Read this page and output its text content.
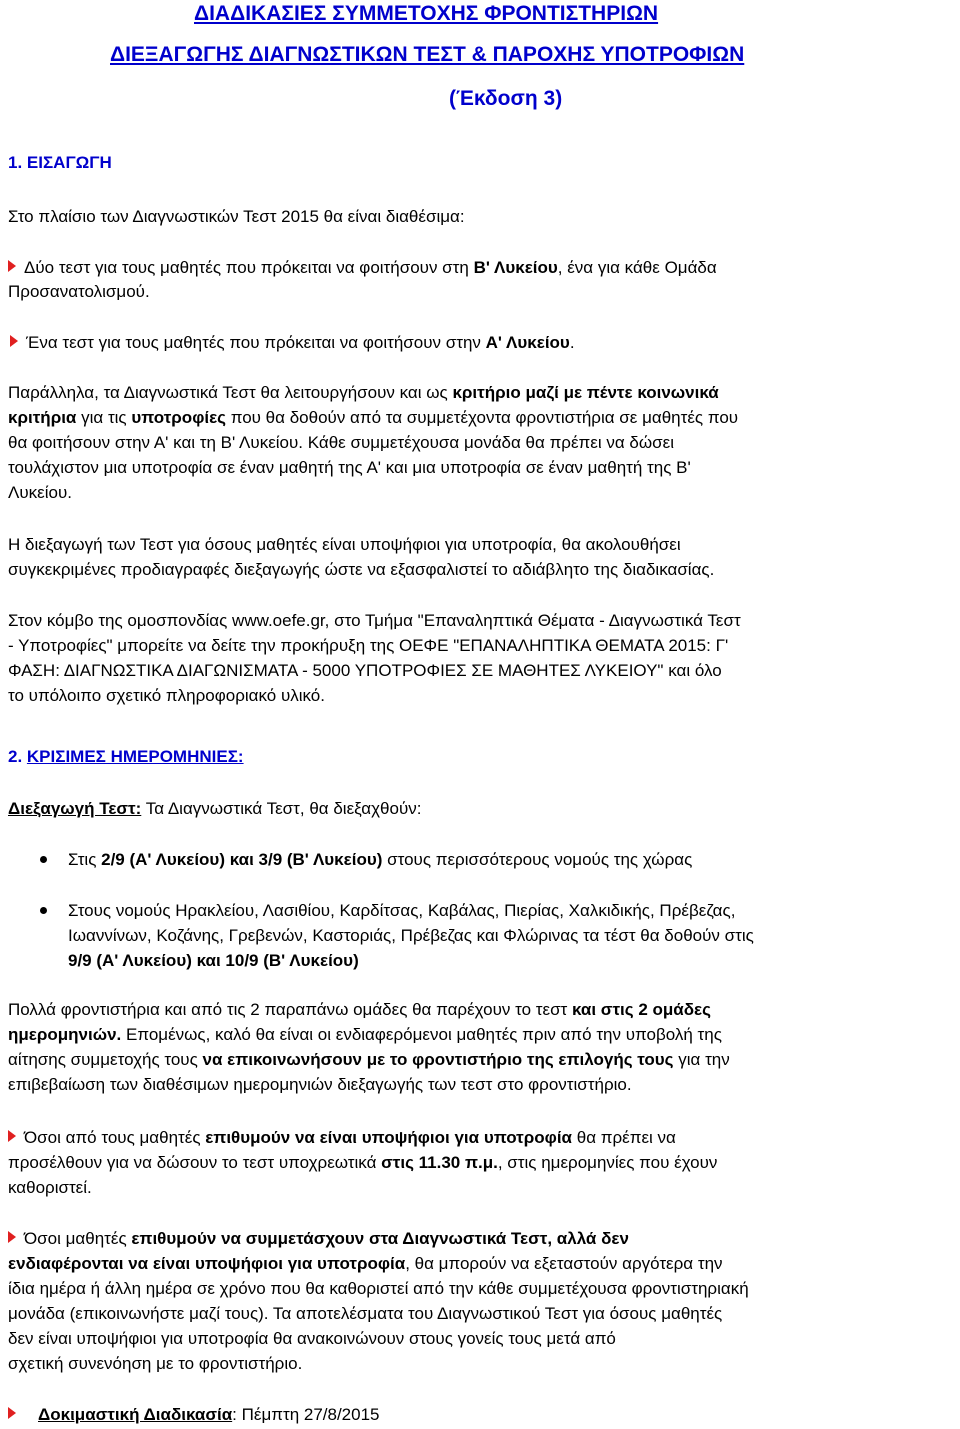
ΔΙΑΔΙΚΑΣΙΕΣ ΣΥΜΜΕΤΟΧΗΣ ΦΡΟΝΤΙΣΤΗΡΙΩΝ
ΔΙΕΞΑΓΩΓΗΣ ΔΙΑΓΝΩΣΤΙΚΩΝ ΤΕΣΤ & ΠΑΡΟΧΗΣ ΥΠΟΤΡΟΦΙΩΝ
(Έκδοση 3)
1. ΕΙΣΑΓΩΓΗ
Στο πλαίσιο των Διαγνωστικών Τεστ 2015 θα είναι διαθέσιμα:
Δύο τεστ για τους μαθητές που πρόκειται να φοιτήσουν στη Β' Λυκείου, ένα για κάθε Ομάδα
Προσανατολισμού.
Ένα τεστ για τους μαθητές που πρόκειται να φοιτήσουν στην Α' Λυκείου.
Παράλληλα, τα Διαγνωστικά Τεστ θα λειτουργήσουν και ως κριτήριο μαζί με πέντε κοινωνικά
κριτήρια για τις υποτροφίες που θα δοθούν από τα συμμετέχοντα φροντιστήρια σε μαθητές που
θα φοιτήσουν στην Α' και τη Β' Λυκείου. Κάθε συμμετέχουσα μονάδα θα πρέπει να δώσει
τουλάχιστον μια υποτροφία σε έναν μαθητή της Α' και μια υποτροφία σε έναν μαθητή της Β'
Λυκείου.
Η διεξαγωγή των Τεστ για όσους μαθητές είναι υποψήφιοι για υποτροφία, θα ακολουθήσει
συγκεκριμένες προδιαγραφές διεξαγωγής ώστε να εξασφαλιστεί το αδιάβλητο της διαδικασίας.
Στον κόμβο της ομοσπονδίας www.oefe.gr, στο Τμήμα "Επαναληπτικά Θέματα - Διαγνωστικά Τεστ
- Υποτροφίες" μπορείτε να δείτε την προκήρυξη της ΟΕΦΕ "ΕΠΑΝΑΛΗΠΤΙΚΑ ΘΕΜΑΤΑ 2015: Γ'
ΦΑΣΗ: ΔΙΑΓΝΩΣΤΙΚΑ ΔΙΑΓΩΝΙΣΜΑΤΑ - 5000 ΥΠΟΤΡΟΦΙΕΣ ΣΕ ΜΑΘΗΤΕΣ ΛΥΚΕΙΟΥ" και όλο
το υπόλοιπο σχετικό πληροφοριακό υλικό.
2. ΚΡΙΣΙΜΕΣ ΗΜΕΡΟΜΗΝΙΕΣ:
Διεξαγωγή Τεστ: Τα Διαγνωστικά Τεστ, θα διεξαχθούν:
Στις 2/9 (Α' Λυκείου) και 3/9 (Β' Λυκείου) στους περισσότερους νομούς της χώρας
Στους νομούς Ηρακλείου, Λασιθίου, Καρδίτσας, Καβάλας, Πιερίας, Χαλκιδικής, Πρέβεζας,
Ιωαννίνων, Κοζάνης, Γρεβενών, Καστοριάς, Πρέβεζας και Φλώρινας τα τέστ θα δοθούν στις
9/9 (Α' Λυκείου) και 10/9 (Β' Λυκείου)
Πολλά φροντιστήρια και από τις 2 παραπάνω ομάδες θα παρέχουν το τεστ και στις 2 ομάδες
ημερομηνιών. Επομένως, καλό θα είναι οι ενδιαφερόμενοι μαθητές πριν από την υποβολή της
αίτησης συμμετοχής τους να επικοινωνήσουν με το φροντιστήριο της επιλογής τους για την
επιβεβαίωση των διαθέσιμων ημερομηνιών διεξαγωγής των τεστ στο φροντιστήριο.
Όσοι από τους μαθητές επιθυμούν να είναι υποψήφιοι για υποτροφία θα πρέπει να
προσέλθουν για να δώσουν το τεστ υποχρεωτικά στις 11.30 π.μ., στις ημερομηνίες που έχουν
καθοριστεί.
Όσοι μαθητές επιθυμούν να συμμετάσχουν στα Διαγνωστικά Τεστ, αλλά δεν
ενδιαφέρονται να είναι υποψήφιοι για υποτροφία, θα μπορούν να εξεταστούν αργότερα την
ίδια ημέρα ή άλλη ημέρα σε χρόνο που θα καθοριστεί από την κάθε συμμετέχουσα φροντιστηριακή
μονάδα (επικοινωνήστε μαζί τους). Τα αποτελέσματα του Διαγνωστικού Τεστ για όσους μαθητές
δεν είναι υποψήφιοι για υποτροφία θα ανακοινώνουν στους γονείς τους μετά από
σχετική συνενόηση με το φροντιστήριο.
Δοκιμαστική Διαδικασία: Πέμπτη 27/8/2015
